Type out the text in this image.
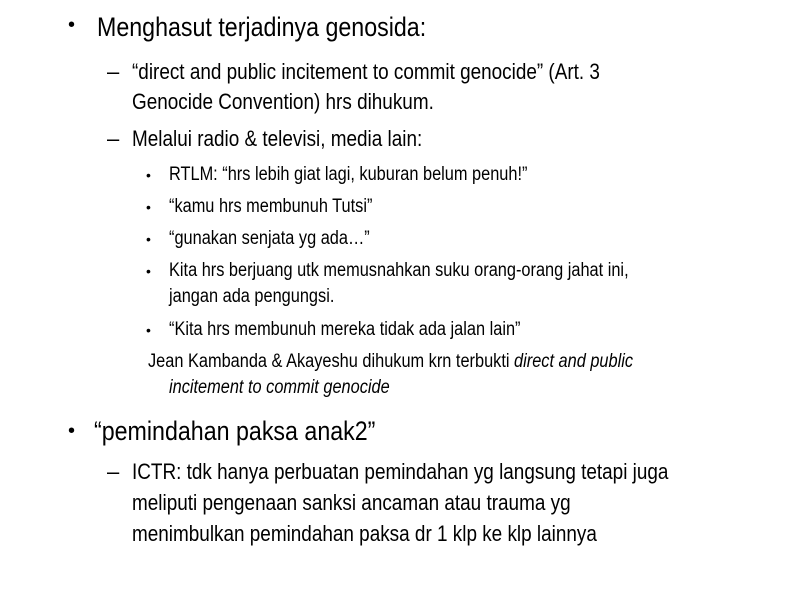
• Menghasut terjadinya genosida:
– “direct and public incitement to commit genocide” (Art. 3
Genocide Convention) hrs dihukum.
– Melalui radio & televisi, media lain:
• RTLM: “hrs lebih giat lagi, kuburan belum penuh!”
• “kamu hrs membunuh Tutsi”
• “gunakan senjata yg ada…”
• Kita hrs berjuang utk memusnahkan suku orang-orang jahat ini,
jangan ada pengungsi.
• “Kita hrs membunuh mereka tidak ada jalan lain”
Jean Kambanda & Akayeshu dihukum krn terbukti direct and public
incitement to commit genocide
• “pemindahan paksa anak2”
– ICTR: tdk hanya perbuatan pemindahan yg langsung tetapi juga
meliputi pengenaan sanksi ancaman atau trauma yg
menimbulkan pemindahan paksa dr 1 klp ke klp lainnya
